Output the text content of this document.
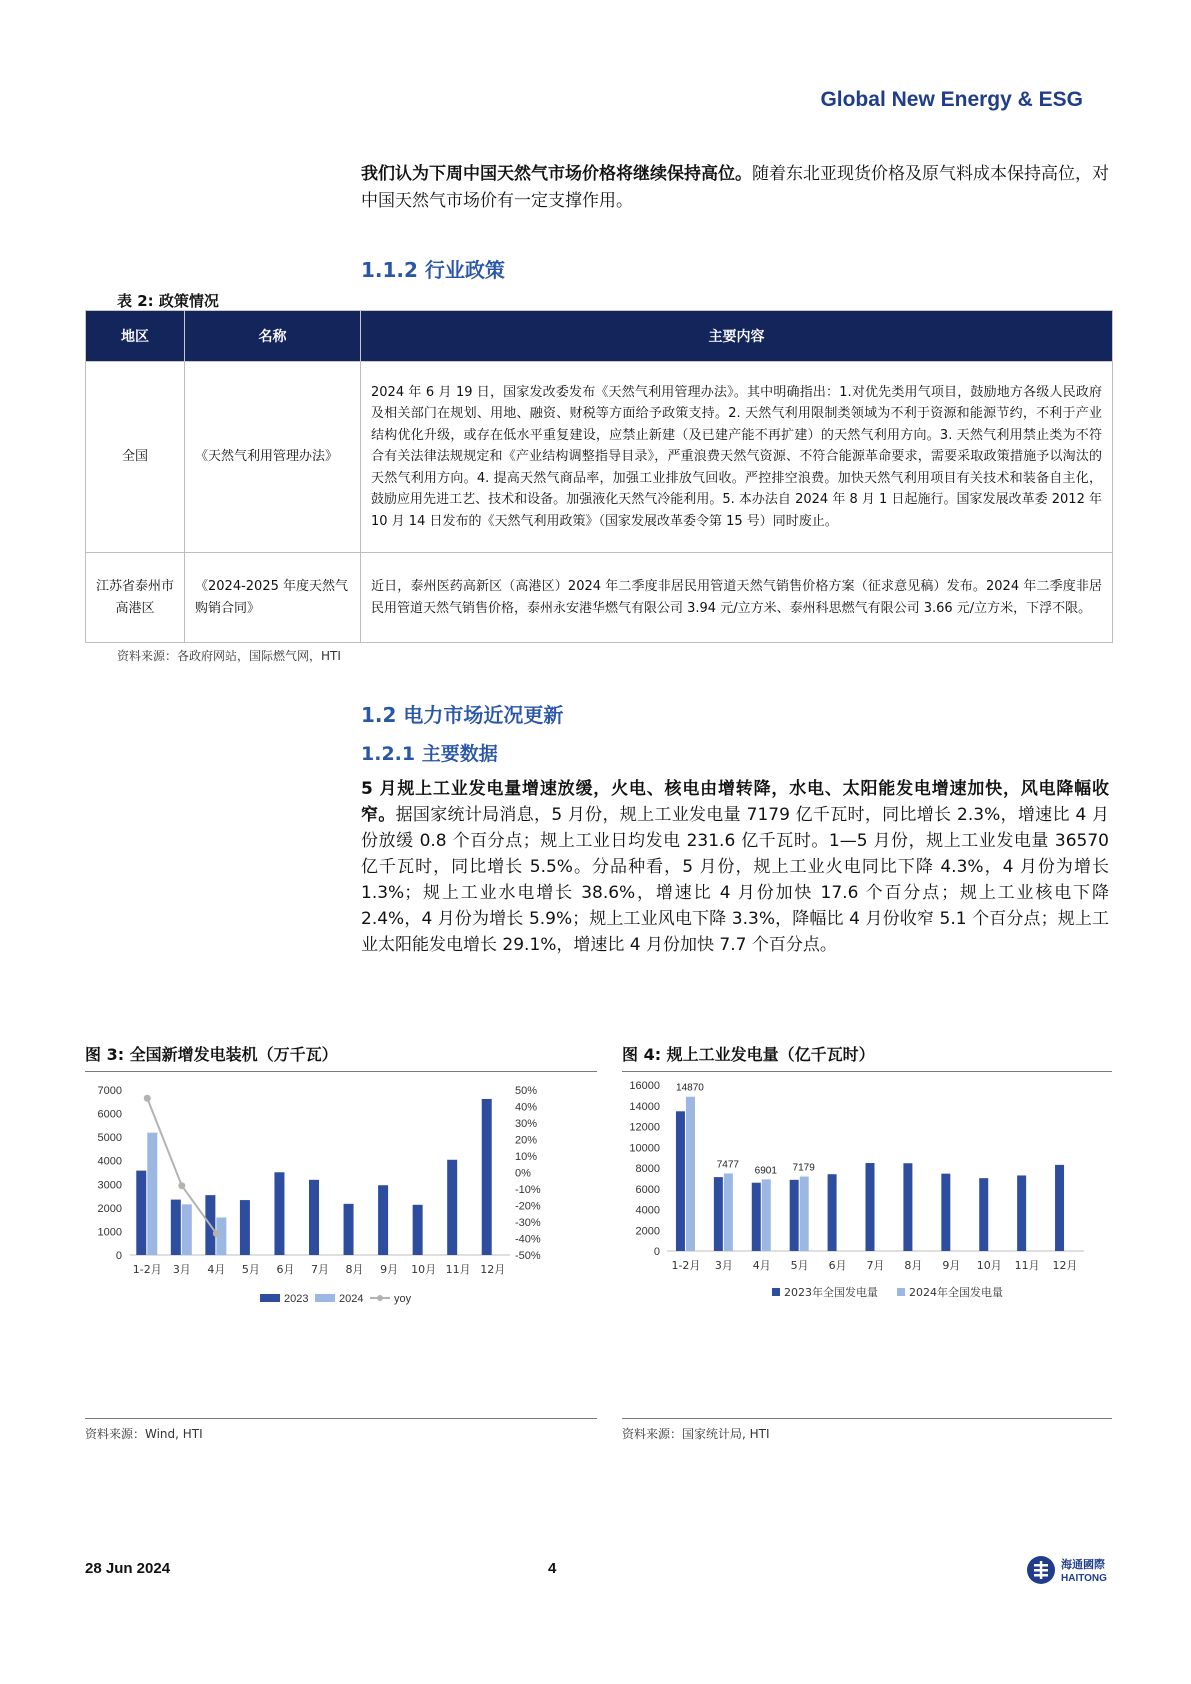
Global New Energy & ESG
我们认为下周中国天然气市场价格将继续保持高位。随着东北亚现货价格及原气料成本保持高位，对中国天然气市场价有一定支撑作用。
1.1.2 行业政策
表 2: 政策情况
地区	名称	主要内容
全国	《天然气利用管理办法》	2024 年 6 月 19 日，国家发改委发布《天然气利用管理办法》。其中明确指出：1.对优先类用气项目，鼓励地方各级人民政府及相关部门在规划、用地、融资、财税等方面给予政策支持。2. 天然气利用限制类领域为不利于资源和能源节约，不利于产业结构优化升级，或存在低水平重复建设，应禁止新建（及已建产能不再扩建）的天然气利用方向。3. 天然气利用禁止类为不符合有关法律法规规定和《产业结构调整指导目录》，严重浪费天然气资源、不符合能源革命要求，需要采取政策措施予以淘汰的天然气利用方向。4. 提高天然气商品率，加强工业排放气回收。严控排空浪费。加快天然气利用项目有关技术和装备自主化，鼓励应用先进工艺、技术和设备。加强液化天然气冷能利用。5. 本办法自 2024 年 8 月 1 日起施行。国家发展改革委 2012 年 10 月 14 日发布的《天然气利用政策》（国家发展改革委令第 15 号）同时废止。
江苏省泰州市高港区	《2024-2025 年度天然气购销合同》	近日，泰州医药高新区（高港区）2024 年二季度非居民用管道天然气销售价格方案（征求意见稿）发布。2024 年二季度非居民用管道天然气销售价格，泰州永安港华燃气有限公司 3.94 元/立方米、泰州科思燃气有限公司 3.66 元/立方米，下浮不限。
资料来源：各政府网站，国际燃气网，HTI
1.2 电力市场近况更新
1.2.1 主要数据
5 月规上工业发电量增速放缓，火电、核电由增转降，水电、太阳能发电增速加快，风电降幅收窄。据国家统计局消息，5 月份，规上工业发电量 7179 亿千瓦时，同比增长 2.3%，增速比 4 月份放缓 0.8 个百分点；规上工业日均发电 231.6 亿千瓦时。1—5 月份，规上工业发电量 36570 亿千瓦时，同比增长 5.5%。分品种看，5 月份，规上工业火电同比下降 4.3%，4 月份为增长 1.3%；规上工业水电增长 38.6%，增速比 4 月份加快 17.6 个百分点；规上工业核电下降 2.4%，4 月份为增长 5.9%；规上工业风电下降 3.3%，降幅比 4 月份收窄 5.1 个百分点；规上工业太阳能发电增长 29.1%，增速比 4 月份加快 7.7 个百分点。
图 3: 全国新增发电装机（万千瓦）
0
1000
2000
3000
4000
5000
6000
7000
-50%
-40%
-30%
-20%
-10%
0%
10%
20%
30%
40%
50%
1-2月 3月 4月 5月 6月 7月 8月 9月 10月 11月 12月
2023	2024	yoy
资料来源：Wind, HTI
图 4: 规上工业发电量（亿千瓦时）
0
2000
4000
6000
8000
10000
12000
14000
16000 14870
1-2月
7477
3月
6901
4月
7179
5月 6月 7月 8月 9月 10月 11月 12月
2023年全国发电量	2024年全国发电量
资料来源：国家统计局, HTI
28 Jun 2024	4	海通國際
HAITONG
